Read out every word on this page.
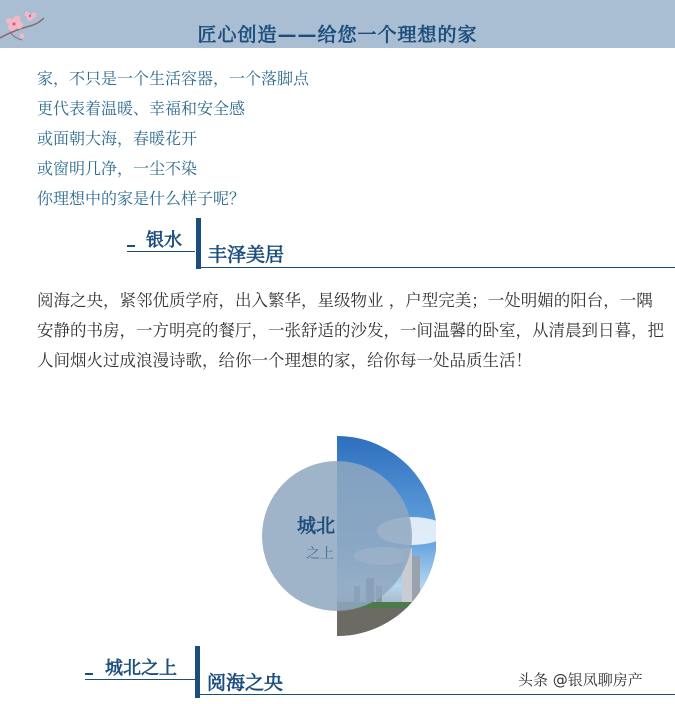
匠心创造——给您一个理想的家
家，不只是一个生活容器，一个落脚点
更代表着温暖、幸福和安全感
或面朝大海，春暖花开
或窗明几净，一尘不染
你理想中的家是什么样子呢？
银水
丰泽美居
阅海之央，紧邻优质学府，出入繁华，星级物业 ，户型完美；一处明媚的阳台，一隅安静的书房，一方明亮的餐厅，一张舒适的沙发，一间温馨的卧室，从清晨到日暮，把人间烟火过成浪漫诗歌，给你一个理想的家，给你每一处品质生活！
城北
之上
城北之上
阅海之央	头条 @银凤聊房产
